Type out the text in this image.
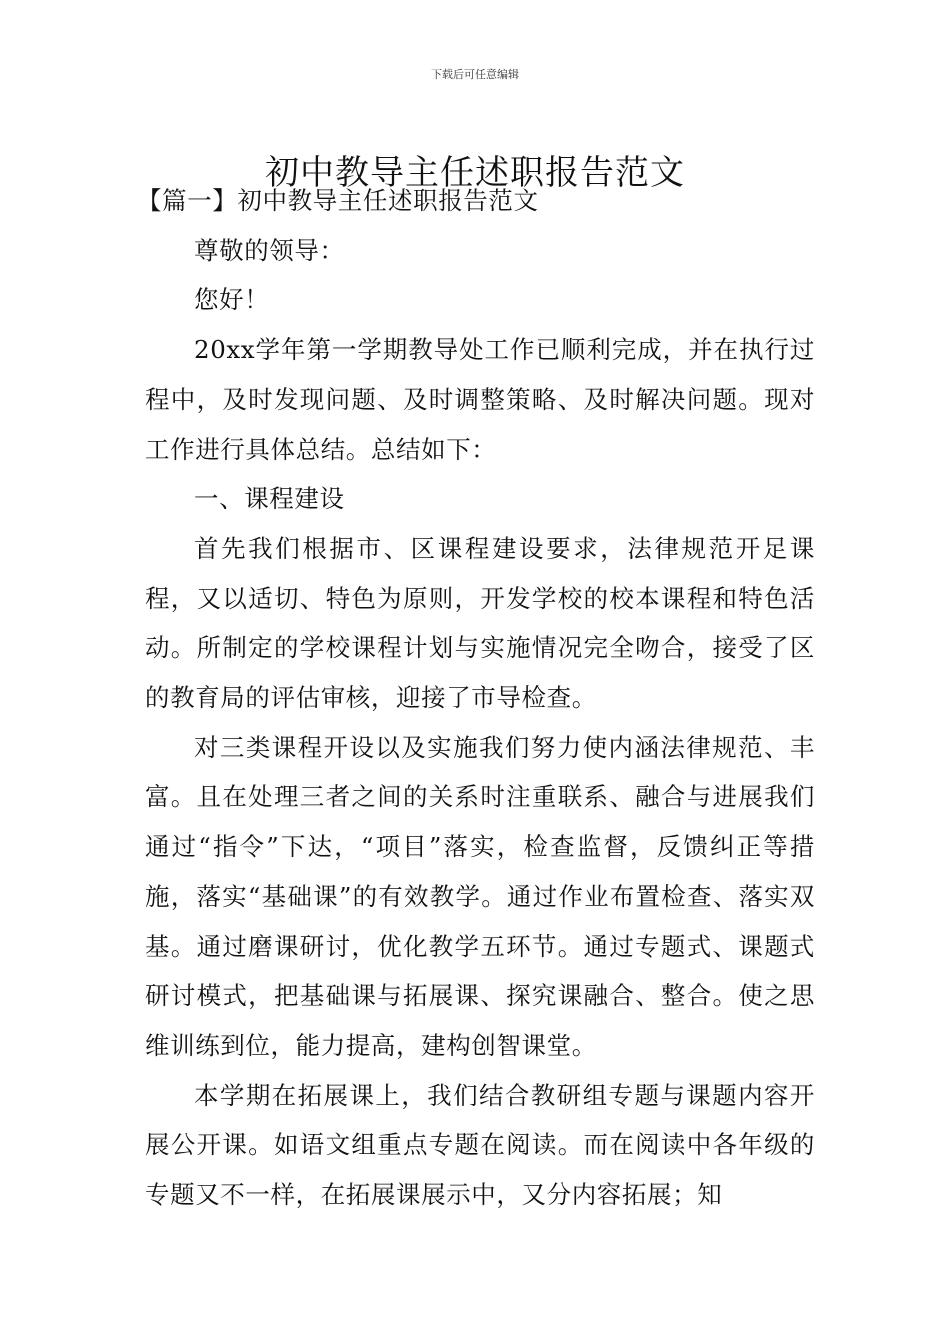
下载后可任意编辑
初中教导主任述职报告范文

【篇一】初中教导主任述职报告范文

尊敬的领导：

您好！

20xx学年第一学期教导处工作已顺利完成，并在执行过程中，及时发现问题、及时调整策略、及时解决问题。现对工作进行具体总结。总结如下：

一、课程建设

首先我们根据市、区课程建设要求，法律规范开足课程，又以适切、特色为原则，开发学校的校本课程和特色活动。所制定的学校课程计划与实施情况完全吻合，接受了区的教育局的评估审核，迎接了市导检查。

对三类课程开设以及实施我们努力使内涵法律规范、丰富。且在处理三者之间的关系时注重联系、融合与进展我们通过“指令”下达，“项目”落实，检查监督，反馈纠正等措施，落实“基础课”的有效教学。通过作业布置检查、落实双基。通过磨课研讨，优化教学五环节。通过专题式、课题式研讨模式，把基础课与拓展课、探究课融合、整合。使之思维训练到位，能力提高，建构创智课堂。

本学期在拓展课上，我们结合教研组专题与课题内容开展公开课。如语文组重点专题在阅读。而在阅读中各年级的专题又不一样，在拓展课展示中，又分内容拓展；知
